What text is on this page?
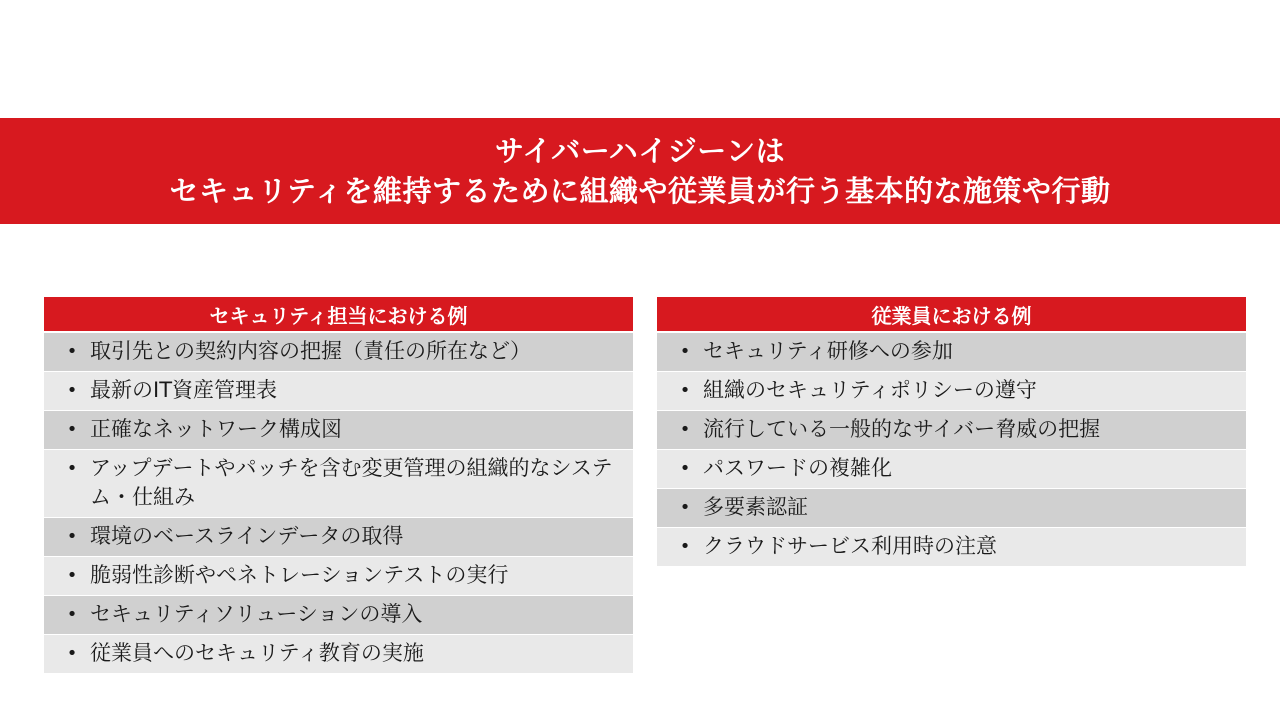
サイバーハイジーンは
セキュリティを維持するために組織や従業員が行う基本的な施策や行動
セキュリティ担当における例
• 取引先との契約内容の把握（責任の所在など）
• 最新のIT資産管理表
• 正確なネットワーク構成図
• アップデートやパッチを含む変更管理の組織的なシステム・仕組み
• 環境のベースラインデータの取得
• 脆弱性診断やペネトレーションテストの実行
• セキュリティソリューションの導入
• 従業員へのセキュリティ教育の実施
従業員における例
• セキュリティ研修への参加
• 組織のセキュリティポリシーの遵守
• 流行している一般的なサイバー脅威の把握
• パスワードの複雑化
• 多要素認証
• クラウドサービス利用時の注意
